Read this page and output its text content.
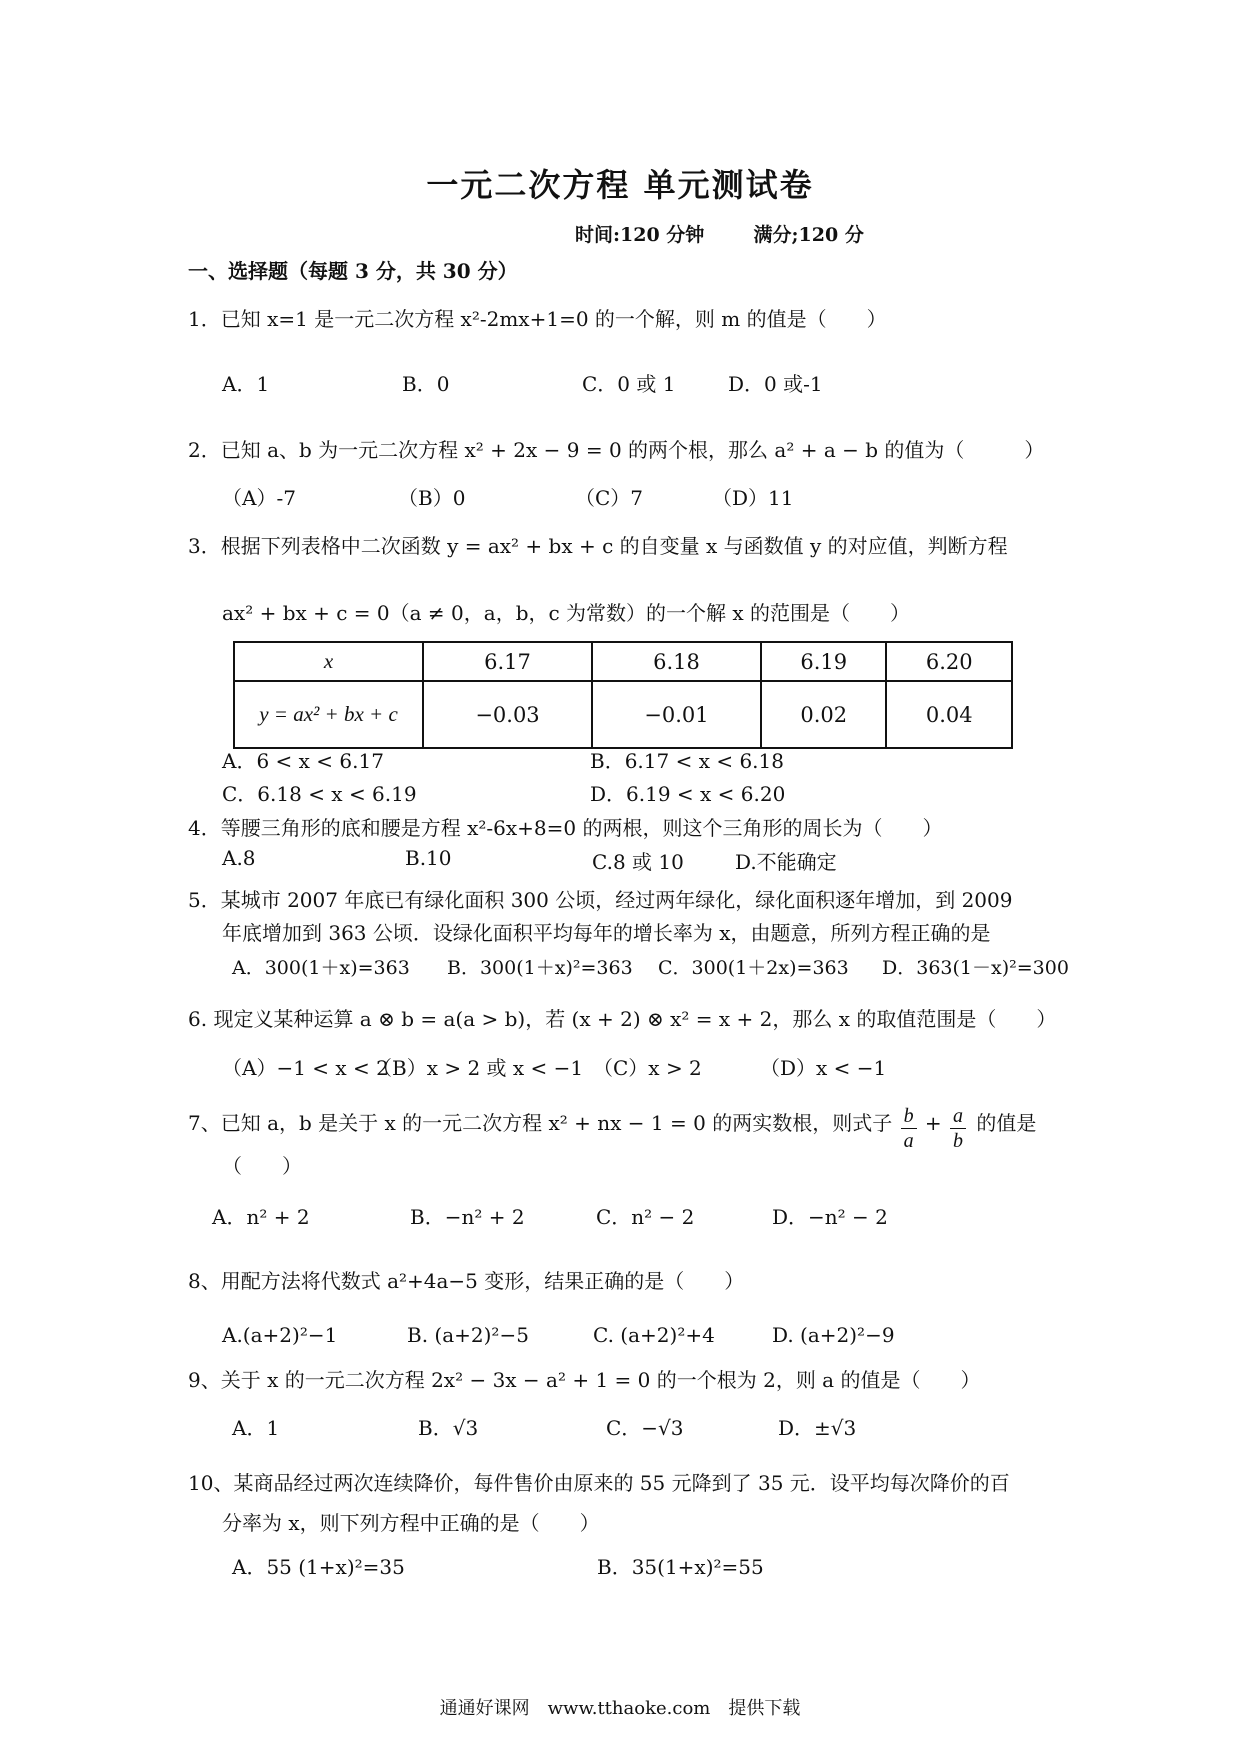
一元二次方程 单元测试卷
时间:120 分钟	满分;120 分
一、选择题（每题 3 分，共 30 分）
1．已知 x=1 是一元二次方程 x²-2mx+1=0 的一个解，则 m 的值是（　　）
A．1	B．0	C．0 或 1	D．0 或-1
2．已知 a、b 为一元二次方程 x² + 2x − 9 = 0 的两个根，那么 a² + a − b 的值为（　　　）
（A）-7	（B）0	（C）7	（D）11
3．根据下列表格中二次函数 y = ax² + bx + c 的自变量 x 与函数值 y 的对应值，判断方程
ax² + bx + c = 0（a ≠ 0，a，b，c 为常数）的一个解 x 的范围是（　　）
x	6.17	6.18	6.19	6.20
y = ax² + bx + c	−0.03	−0.01	0.02	0.04
A．6 < x < 6.17	B．6.17 < x < 6.18
C．6.18 < x < 6.19	D．6.19 < x < 6.20
4．等腰三角形的底和腰是方程 x²-6x+8=0 的两根，则这个三角形的周长为（　　）
A.8	B.10	C.8 或 10	D.不能确定
5．某城市 2007 年底已有绿化面积 300 公顷，经过两年绿化，绿化面积逐年增加，到 2009
年底增加到 363 公顷．设绿化面积平均每年的增长率为 x，由题意，所列方程正确的是
A．300(1＋x)=363 B．300(1＋x)²=363 C．300(1＋2x)=363 D．363(1－x)²=300
6. 现定义某种运算 a ⊗ b = a(a > b)，若 (x + 2) ⊗ x² = x + 2，那么 x 的取值范围是（　　）
（A）−1 < x < 2
（B）x > 2 或 x < −1 （C）x > 2	（D）x < −1
7、已知 a，b 是关于 x 的一元二次方程 x² + nx − 1 = 0 的两实数根，则式子 $\frac{b}{a} + \frac{a}{b}$ 的值是
（　　）
A．n² + 2	B．−n² + 2	C．n² − 2	D．−n² − 2
8、用配方法将代数式 a²+4a−5 变形，结果正确的是（　　）
A.(a+2)²−1	B. (a+2)²−5	C. (a+2)²+4	D. (a+2)²−9
9、关于 x 的一元二次方程 2x² − 3x − a² + 1 = 0 的一个根为 2，则 a 的值是（　　）
A．1	B．√3	C．−√3	D．±√3
10、某商品经过两次连续降价，每件售价由原来的 55 元降到了 35 元．设平均每次降价的百
分率为 x，则下列方程中正确的是（　　）
A．55 (1+x)²=35	B．35(1+x)²=55
通通好课网　www.tthaoke.com　提供下载
